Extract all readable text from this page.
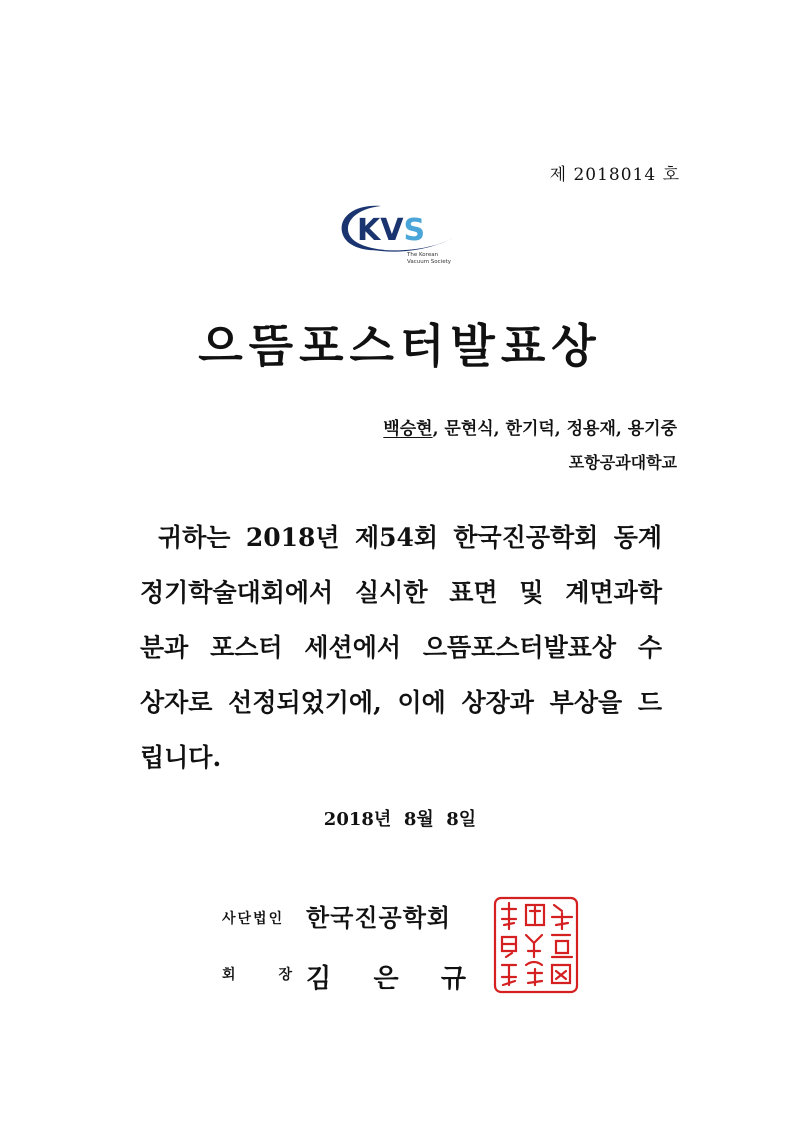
제 2018014 호
KVS
The Korean
Vacuum Society
으뜸포스터발표상
백승현, 문현식, 한기덕, 정용재, 용기중
포항공과대학교
귀하는 2018년 제54회 한국진공학회 동계
정기학술대회에서 실시한 표면 및 계면과학
분과 포스터 세션에서 으뜸포스터발표상 수
상자로 선정되었기에, 이에 상장과 부상을 드
립니다.
2018년  8월  8일
사단법인 한국진공학회
회	장 김 은 규
